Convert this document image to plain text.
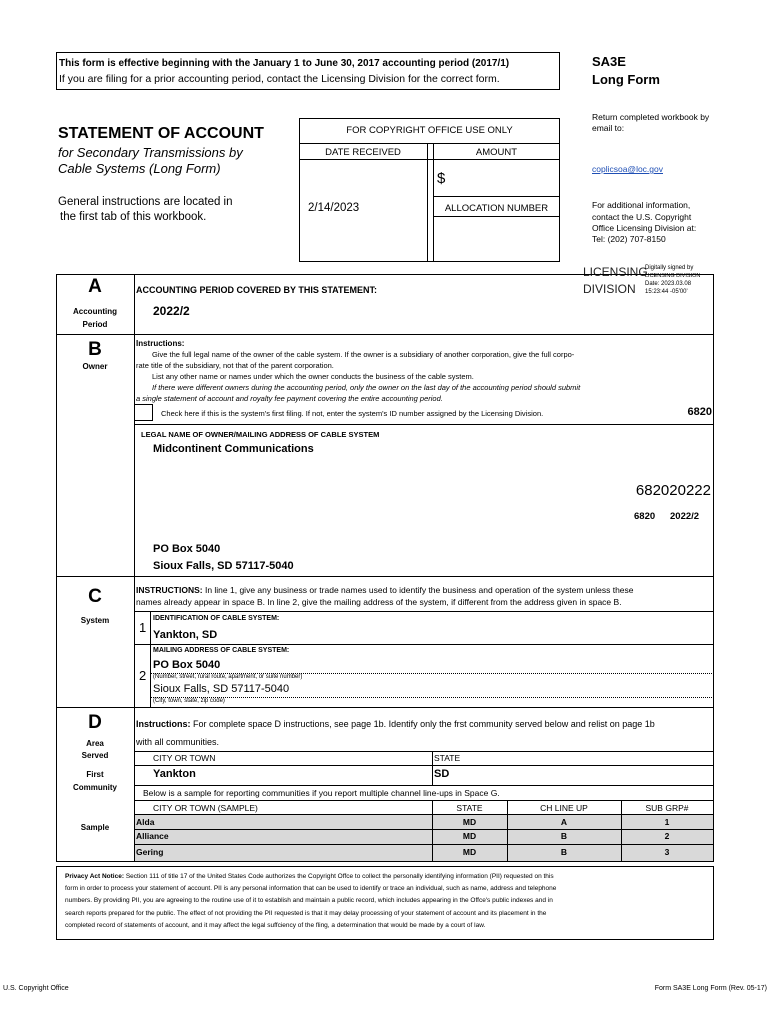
This form is effective beginning with the January 1 to June 30, 2017 accounting period (2017/1)
If you are filing for a prior accounting period, contact the Licensing Division for the correct form.
SA3E
Long Form
STATEMENT OF ACCOUNT
for Secondary Transmissions by
Cable Systems (Long Form)
General instructions are located in
the first tab of this workbook.
FOR COPYRIGHT OFFICE USE ONLY
DATE RECEIVED	AMOUNT
$
2/14/2023	ALLOCATION NUMBER
Return completed workbook by email to:
coplicsoa@loc.gov
For additional information, contact the U.S. Copyright Office Licensing Division at:
Tel: (202) 707-8150
LICENSING
DIVISION
Digitally signed by
LICENSING DIVISION
Date: 2023.03.08
15:23:44 -05'00'
A
Accounting
Period
ACCOUNTING PERIOD COVERED BY THIS STATEMENT:
2022/2
B
Owner
Instructions:
Give the full legal name of the owner of the cable system. If the owner is a subsidiary of another corporation, give the full corpo-
rate title of the subsidiary, not that of the parent corporation.
List any other name or names under which the owner conducts the business of the cable system.
If there were different owners during the accounting period, only the owner on the last day of the accounting period should submit
a single statement of account and royalty fee payment covering the entire accounting period.
Check here if this is the system's first filing. If not, enter the system's ID number assigned by the Licensing Division.	6820
LEGAL NAME OF OWNER/MAILING ADDRESS OF CABLE SYSTEM
Midcontinent Communications
682020222
6820 2022/2
PO Box 5040
Sioux Falls, SD 57117-5040
C
System
INSTRUCTIONS: In line 1, give any business or trade names used to identify the business and operation of the system unless these
names already appear in space B. In line 2, give the mailing address of the system, if different from the address given in space B.
1
IDENTIFICATION OF CABLE SYSTEM:
Yankton, SD
2
MAILING ADDRESS OF CABLE SYSTEM:
PO Box 5040
(Number, street, rural route, apartment, or suite number)
Sioux Falls, SD 57117-5040
(City, town, state, zip code)
D
Area
Served
First
Community
Sample
Instructions: For complete space D instructions, see page 1b. Identify only the frst community served below and relist on page 1b
with all communities.
CITY OR TOWN	STATE
Yankton	SD
Below is a sample for reporting communities if you report multiple channel line-ups in Space G.
CITY OR TOWN (SAMPLE)	STATE	CH LINE UP	SUB GRP#
Alda	MD	A	1
Alliance	MD	B	2
Gering	MD	B	3
Privacy Act Notice: Section 111 of title 17 of the United States Code authorizes the Copyright Offce to collect the personally identifying information (PII) requested on this
form in order to process your statement of account. PII is any personal information that can be used to identify or trace an individual, such as name, address and telephone
numbers. By providing PII, you are agreeing to the routine use of it to establish and maintain a public record, which includes appearing in the Offce's public indexes and in
search reports prepared for the public. The effect of not providing the PII requested is that it may delay processing of your statement of account and its placement in the
completed record of statements of account, and it may affect the legal suffciency of the fling, a determination that would be made by a court of law.
U.S. Copyright Office	Form SA3E Long Form (Rev. 05-17)
